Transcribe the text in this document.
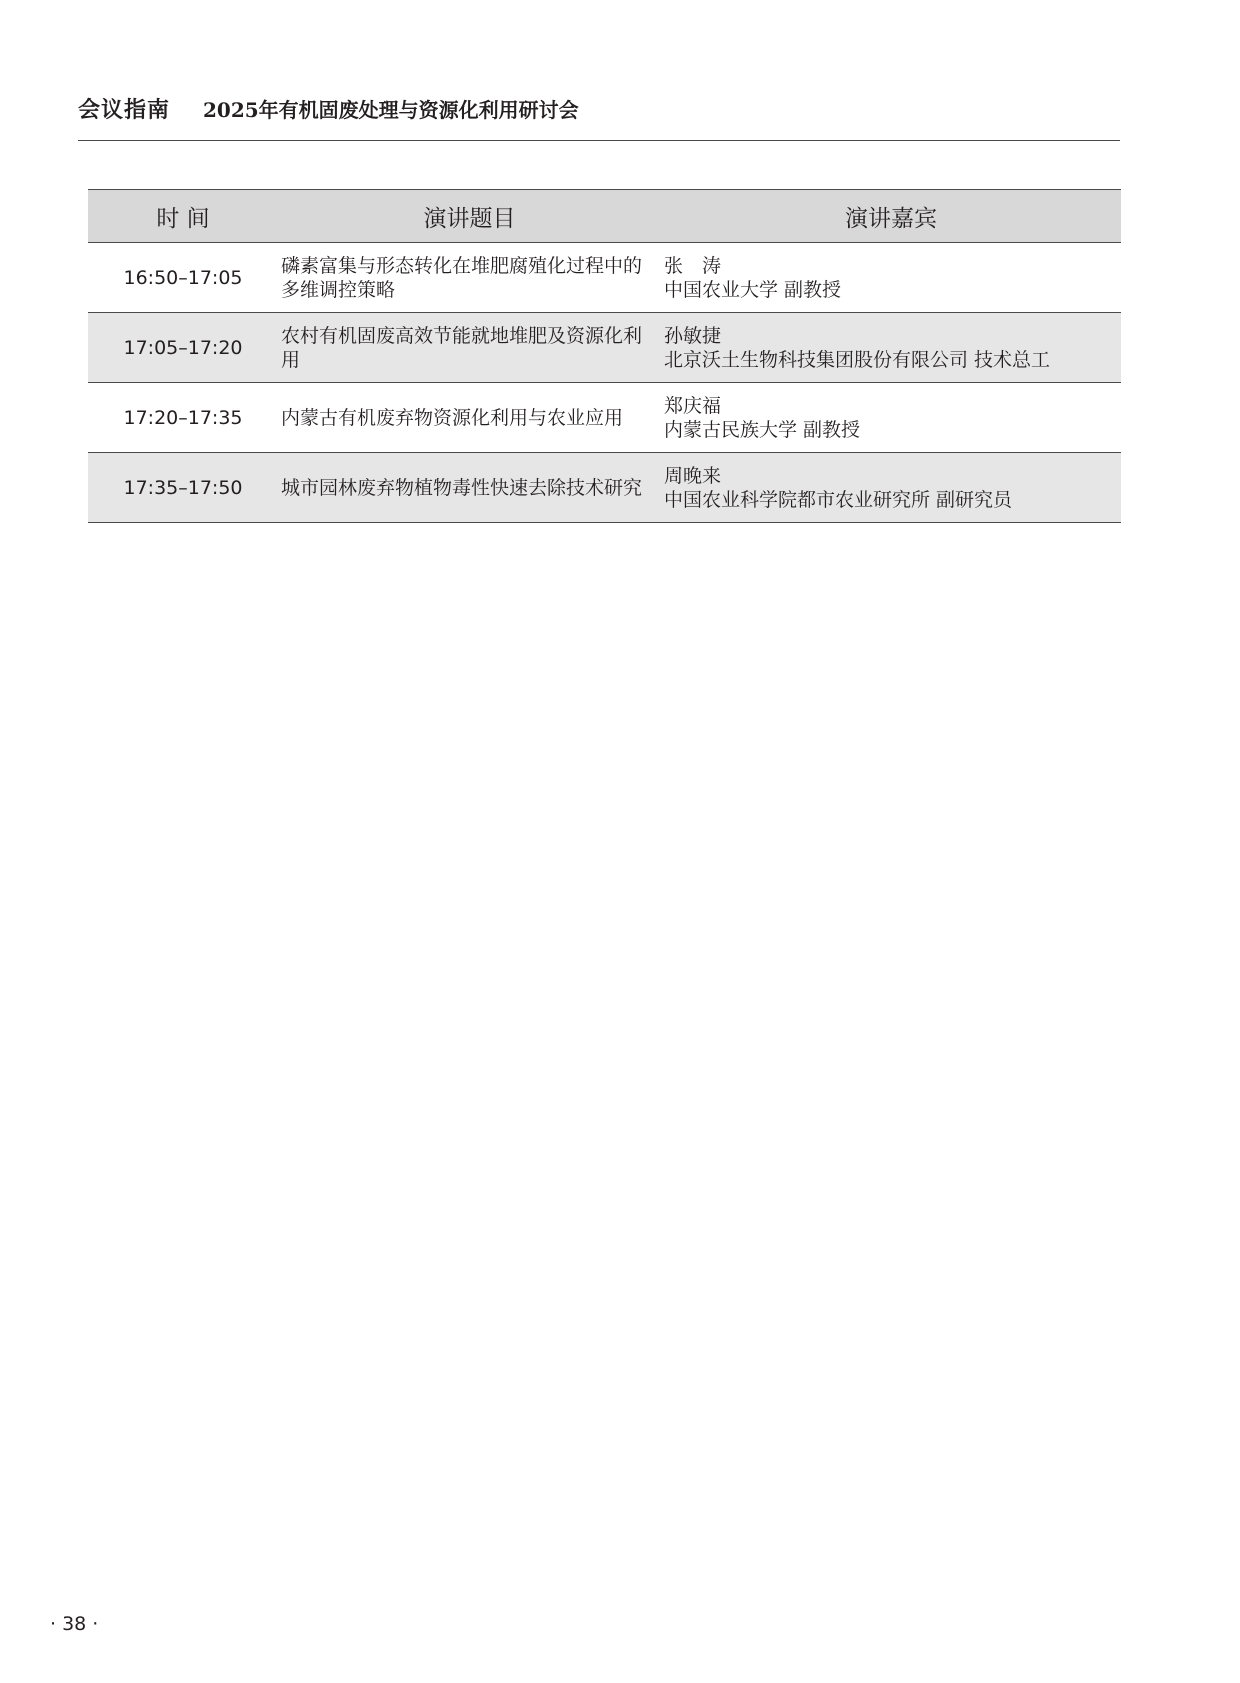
会议指南 2025年有机固废处理与资源化利用研讨会
时 间	演讲题目	演讲嘉宾
16:50–17:05	磷素富集与形态转化在堆肥腐殖化过程中的多维调控策略	张　涛
中国农业大学 副教授

17:05–17:20	农村有机固废高效节能就地堆肥及资源化利用	孙敏捷
北京沃土生物科技集团股份有限公司 技术总工

17:20–17:35	内蒙古有机废弃物资源化利用与农业应用	郑庆福
内蒙古民族大学 副教授

17:35–17:50	城市园林废弃物植物毒性快速去除技术研究	周晚来
中国农业科学院都市农业研究所 副研究员
· 38 ·
